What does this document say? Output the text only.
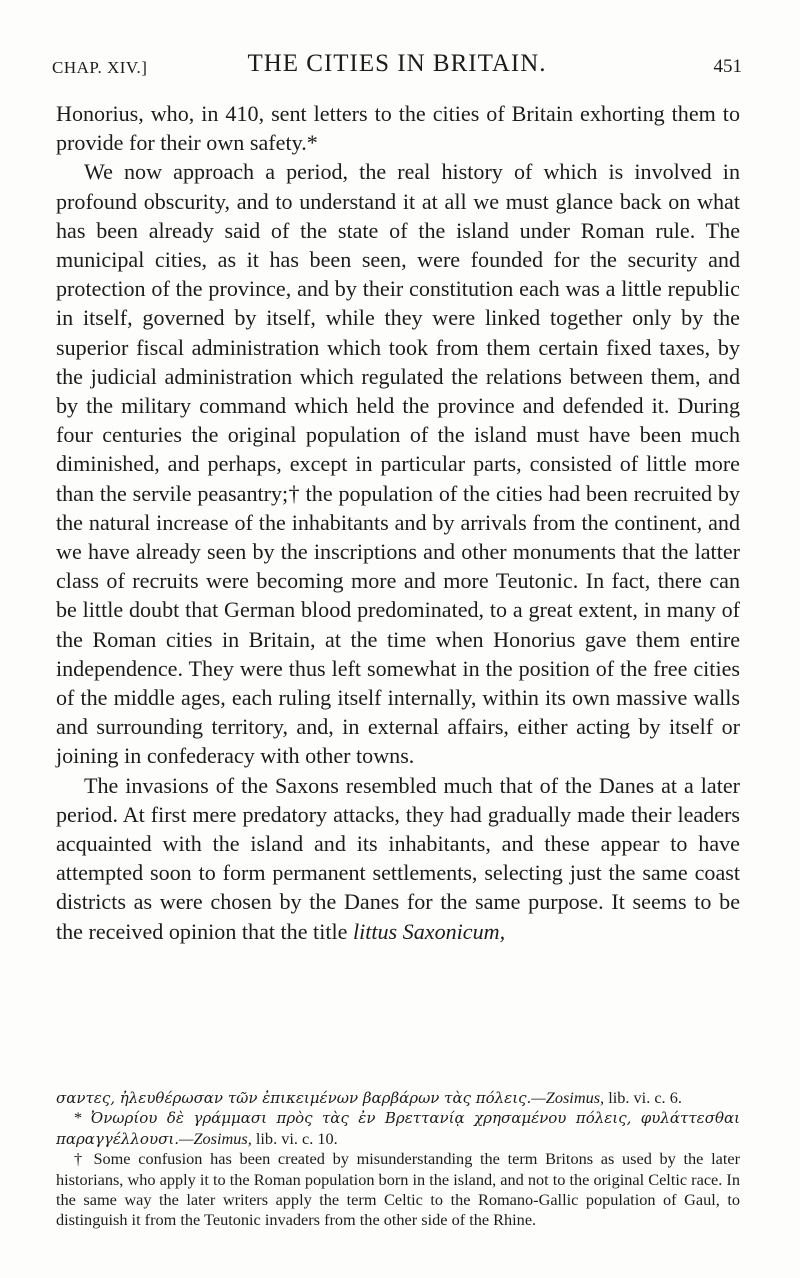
CHAP. XIV.]	THE CITIES IN BRITAIN.	451

Honorius, who, in 410, sent letters to the cities of Britain exhorting them to provide for their own safety.*

We now approach a period, the real history of which is involved in profound obscurity, and to understand it at all we must glance back on what has been already said of the state of the island under Roman rule. The municipal cities, as it has been seen, were founded for the security and protection of the province, and by their constitution each was a little republic in itself, governed by itself, while they were linked together only by the superior fiscal administration which took from them certain fixed taxes, by the judicial administration which regulated the relations between them, and by the military command which held the province and defended it. During four centuries the original population of the island must have been much diminished, and perhaps, except in particular parts, consisted of little more than the servile peasantry;† the population of the cities had been recruited by the natural increase of the inhabitants and by arrivals from the continent, and we have already seen by the inscriptions and other monuments that the latter class of recruits were becoming more and more Teutonic. In fact, there can be little doubt that German blood predominated, to a great extent, in many of the Roman cities in Britain, at the time when Honorius gave them entire independence. They were thus left somewhat in the position of the free cities of the middle ages, each ruling itself internally, within its own massive walls and surrounding territory, and, in external affairs, either acting by itself or joining in confederacy with other towns.

The invasions of the Saxons resembled much that of the Danes at a later period. At first mere predatory attacks, they had gradually made their leaders acquainted with the island and its inhabitants, and these appear to have attempted soon to form permanent settlements, selecting just the same coast districts as were chosen by the Danes for the same purpose. It seems to be the received opinion that the title littus Saxonicum,

σαντες, ἠλευθέρωσαν τῶν ἐπικειμένων βαρβάρων τὰς πόλεις.—Zosimus, lib. vi. c. 6.

* Ὀνωρίου δὲ γράμμασι πρὸς τὰς ἐν Βρεττανίᾳ χρησαμένου πόλεις, φυλάττεσθαι παραγγέλλουσι.—Zosimus, lib. vi. c. 10.

† Some confusion has been created by misunderstanding the term Britons as used by the later historians, who apply it to the Roman population born in the island, and not to the original Celtic race. In the same way the later writers apply the term Celtic to the Romano-Gallic population of Gaul, to distinguish it from the Teutonic invaders from the other side of the Rhine.
